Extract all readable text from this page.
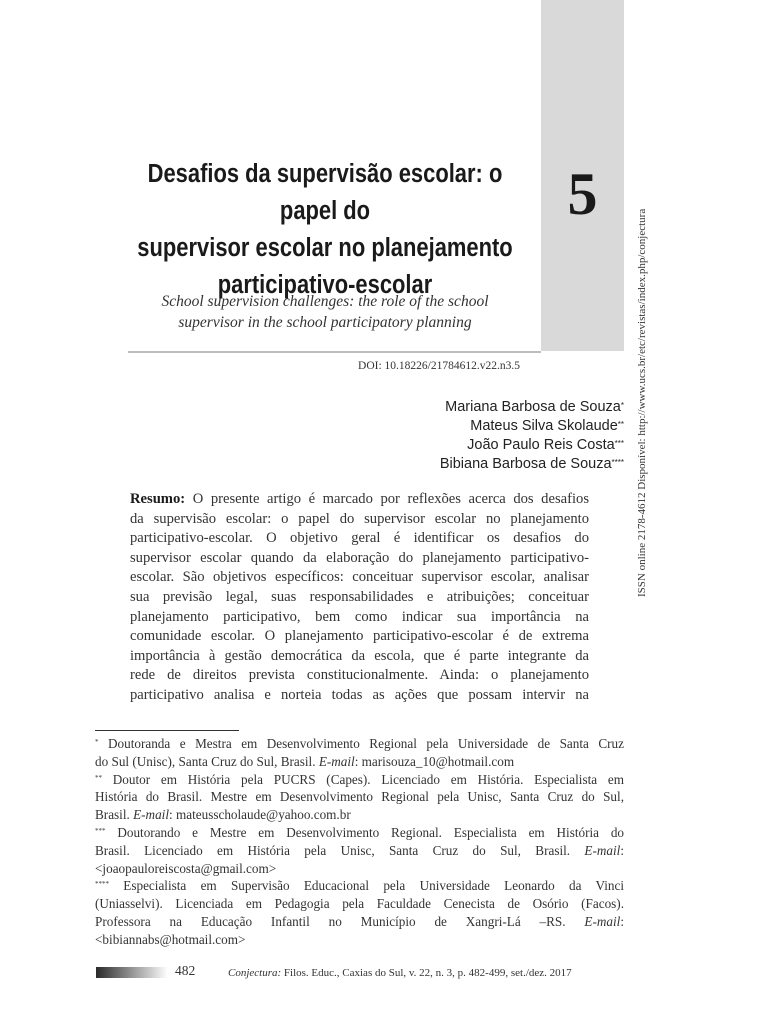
5
Desafios da supervisão escolar: o papel do
supervisor escolar no planejamento
participativo-escolar
School supervision challenges: the role of the school
supervisor in the school participatory planning
DOI: 10.18226/21784612.v22.n3.5
Mariana Barbosa de Souza*
Mateus Silva Skolaude**
João Paulo Reis Costa***
Bibiana Barbosa de Souza**** ISSN online 2178-4612 Disponível: http://www.ucs.br/etc/revistas/index.php/conjectura
Resumo: O presente artigo é marcado por reflexões acerca dos desafios
da supervisão escolar: o papel do supervisor escolar no planejamento
participativo-escolar. O objetivo geral é identificar os desafios do
supervisor escolar quando da elaboração do planejamento participativo-
escolar. São objetivos específicos: conceituar supervisor escolar, analisar
sua previsão legal, suas responsabilidades e atribuições; conceituar
planejamento participativo, bem como indicar sua importância na
comunidade escolar. O planejamento participativo-escolar é de extrema
importância à gestão democrática da escola, que é parte integrante da
rede de direitos prevista constitucionalmente. Ainda: o planejamento
participativo analisa e norteia todas as ações que possam intervir na
* Doutoranda e Mestra em Desenvolvimento Regional pela Universidade de Santa Cruz
do Sul (Unisc), Santa Cruz do Sul, Brasil. E-mail: marisouza_10@hotmail.com
** Doutor em História pela PUCRS (Capes). Licenciado em História. Especialista em
História do Brasil. Mestre em Desenvolvimento Regional pela Unisc, Santa Cruz do Sul,
Brasil. E-mail: mateusscholaude@yahoo.com.br
*** Doutorando e Mestre em Desenvolvimento Regional. Especialista em História do
Brasil. Licenciado em História pela Unisc, Santa Cruz do Sul, Brasil. E-mail:
<joaopauloreiscosta@gmail.com>
**** Especialista em Supervisão Educacional pela Universidade Leonardo da Vinci
(Uniasselvi). Licenciada em Pedagogia pela Faculdade Cenecista de Osório (Facos).
Professora na Educação Infantil no Município de Xangri-Lá –RS. E-mail:
<bibiannabs@hotmail.com>
482	Conjectura: Filos. Educ., Caxias do Sul, v. 22, n. 3, p. 482-499, set./dez. 2017
